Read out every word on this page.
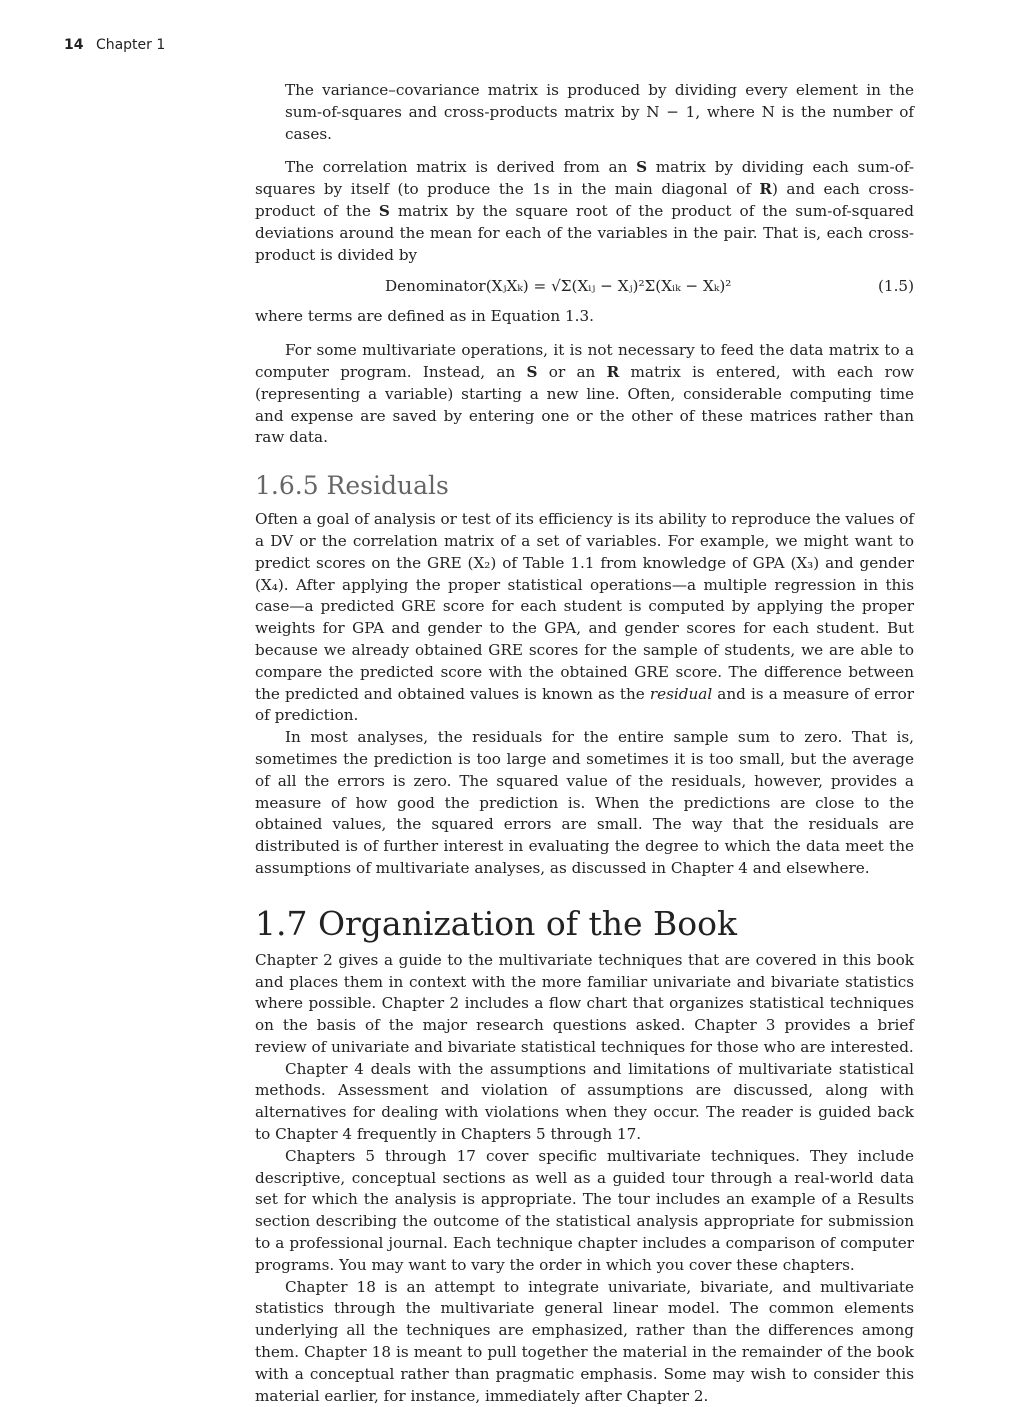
14 Chapter 1

The variance–covariance matrix is produced by dividing every element in the sum-of-squares and cross-products matrix by N − 1, where N is the number of cases.

The correlation matrix is derived from an S matrix by dividing each sum-of-squares by itself (to produce the 1s in the main diagonal of R) and each cross-product of the S matrix by the square root of the product of the sum-of-squared deviations around the mean for each of the variables in the pair. That is, each cross-product is divided by

Denominator(XⱼXₖ) = √Σ(Xᵢⱼ − Xⱼ)²Σ(Xᵢₖ − Xₖ)²	(1.5)

where terms are defined as in Equation 1.3.

For some multivariate operations, it is not necessary to feed the data matrix to a computer program. Instead, an S or an R matrix is entered, with each row (representing a variable) starting a new line. Often, considerable computing time and expense are saved by entering one or the other of these matrices rather than raw data.

1.6.5 Residuals

Often a goal of analysis or test of its efficiency is its ability to reproduce the values of a DV or the correlation matrix of a set of variables. For example, we might want to predict scores on the GRE (X₂) of Table 1.1 from knowledge of GPA (X₃) and gender (X₄). After applying the proper statistical operations—a multiple regression in this case—a predicted GRE score for each student is computed by applying the proper weights for GPA and gender to the GPA, and gender scores for each student. But because we already obtained GRE scores for the sample of students, we are able to compare the predicted score with the obtained GRE score. The difference between the predicted and obtained values is known as the residual and is a measure of error of prediction.

In most analyses, the residuals for the entire sample sum to zero. That is, sometimes the prediction is too large and sometimes it is too small, but the average of all the errors is zero. The squared value of the residuals, however, provides a measure of how good the prediction is. When the predictions are close to the obtained values, the squared errors are small. The way that the residuals are distributed is of further interest in evaluating the degree to which the data meet the assumptions of multivariate analyses, as discussed in Chapter 4 and elsewhere.

1.7 Organization of the Book

Chapter 2 gives a guide to the multivariate techniques that are covered in this book and places them in context with the more familiar univariate and bivariate statistics where possible. Chapter 2 includes a flow chart that organizes statistical techniques on the basis of the major research questions asked. Chapter 3 provides a brief review of univariate and bivariate statistical techniques for those who are interested.

Chapter 4 deals with the assumptions and limitations of multivariate statistical methods. Assessment and violation of assumptions are discussed, along with alternatives for dealing with violations when they occur. The reader is guided back to Chapter 4 frequently in Chapters 5 through 17.

Chapters 5 through 17 cover specific multivariate techniques. They include descriptive, conceptual sections as well as a guided tour through a real-world data set for which the analysis is appropriate. The tour includes an example of a Results section describing the outcome of the statistical analysis appropriate for submission to a professional journal. Each technique chapter includes a comparison of computer programs. You may want to vary the order in which you cover these chapters.

Chapter 18 is an attempt to integrate univariate, bivariate, and multivariate statistics through the multivariate general linear model. The common elements underlying all the techniques are emphasized, rather than the differences among them. Chapter 18 is meant to pull together the material in the remainder of the book with a conceptual rather than pragmatic emphasis. Some may wish to consider this material earlier, for instance, immediately after Chapter 2.
